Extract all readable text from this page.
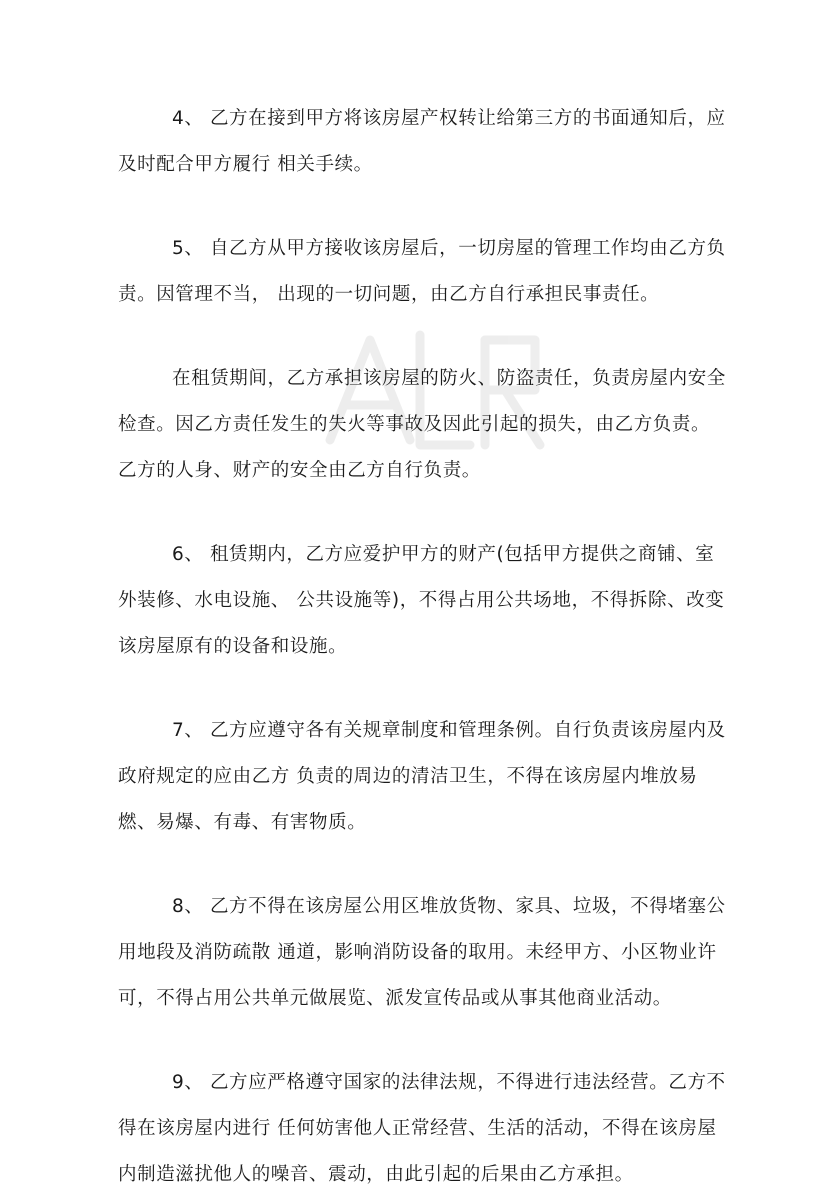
4、 乙方在接到甲方将该房屋产权转让给第三方的书面通知后，应及时配合甲方履行 相关手续。

5、 自乙方从甲方接收该房屋后，一切房屋的管理工作均由乙方负责。因管理不当， 出现的一切问题，由乙方自行承担民事责任。

在租赁期间，乙方承担该房屋的防火、防盗责任，负责房屋内安全检查。因乙方责任发生的失火等事故及因此引起的损失，由乙方负责。乙方的人身、财产的安全由乙方自行负责。

6、 租赁期内，乙方应爱护甲方的财产(包括甲方提供之商铺、室外装修、水电设施、 公共设施等)，不得占用公共场地，不得拆除、改变该房屋原有的设备和设施。

7、 乙方应遵守各有关规章制度和管理条例。自行负责该房屋内及政府规定的应由乙方 负责的周边的清洁卫生，不得在该房屋内堆放易燃、易爆、有毒、有害物质。

8、 乙方不得在该房屋公用区堆放货物、家具、垃圾，不得堵塞公用地段及消防疏散 通道，影响消防设备的取用。未经甲方、小区物业许可，不得占用公共单元做展览、派发宣传品或从事其他商业活动。

9、 乙方应严格遵守国家的法律法规，不得进行违法经营。乙方不得在该房屋内进行 任何妨害他人正常经营、生活的活动，不得在该房屋内制造滋扰他人的噪音、震动，由此引起的后果由乙方承担。
